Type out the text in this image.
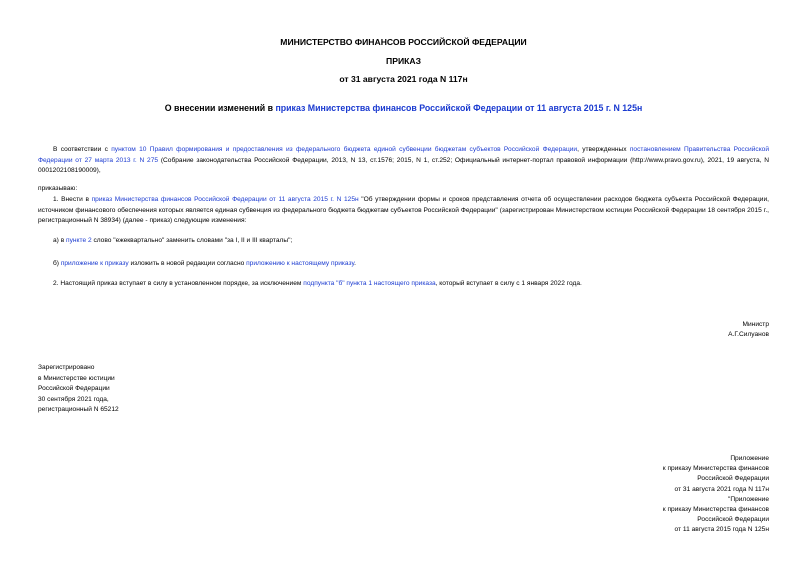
МИНИСТЕРСТВО ФИНАНСОВ РОССИЙСКОЙ ФЕДЕРАЦИИ
ПРИКАЗ
от 31 августа 2021 года N 117н
О внесении изменений в приказ Министерства финансов Российской Федерации от 11 августа 2015 г. N 125н
В соответствии с пунктом 10 Правил формирования и предоставления из федерального бюджета единой субвенции бюджетам субъектов Российской Федерации, утвержденных постановлением Правительства Российской Федерации от 27 марта 2013 г. N 275 (Собрание законодательства Российской Федерации, 2013, N 13, ст.1576; 2015, N 1, ст.252; Официальный интернет-портал правовой информации (http://www.pravo.gov.ru), 2021, 19 августа, N 0001202108190009),
приказываю:
1. Внести в приказ Министерства финансов Российской Федерации от 11 августа 2015 г. N 125н "Об утверждении формы и сроков представления отчета об осуществлении расходов бюджета субъекта Российской Федерации, источником финансового обеспечения которых является единая субвенция из федерального бюджета бюджетам субъектов Российской Федерации" (зарегистрирован Министерством юстиции Российской Федерации 18 сентября 2015 г., регистрационный N 38934) (далее - приказ) следующие изменения:
а) в пункте 2 слово "ежеквартально" заменить словами "за I, II и III кварталы";
б) приложение к приказу изложить в новой редакции согласно приложению к настоящему приказу.
2. Настоящий приказ вступает в силу в установленном порядке, за исключением подпункта "б" пункта 1 настоящего приказа, который вступает в силу с 1 января 2022 года.
Министр
А.Г.Силуанов
Зарегистрировано
в Министерстве юстиции
Российской Федерации
30 сентября 2021 года,
регистрационный N 65212
Приложение
к приказу Министерства финансов
Российской Федерации
от 31 августа 2021 года N 117н
"Приложение
к приказу Министерства финансов
Российской Федерации
от 11 августа 2015 года N 125н
